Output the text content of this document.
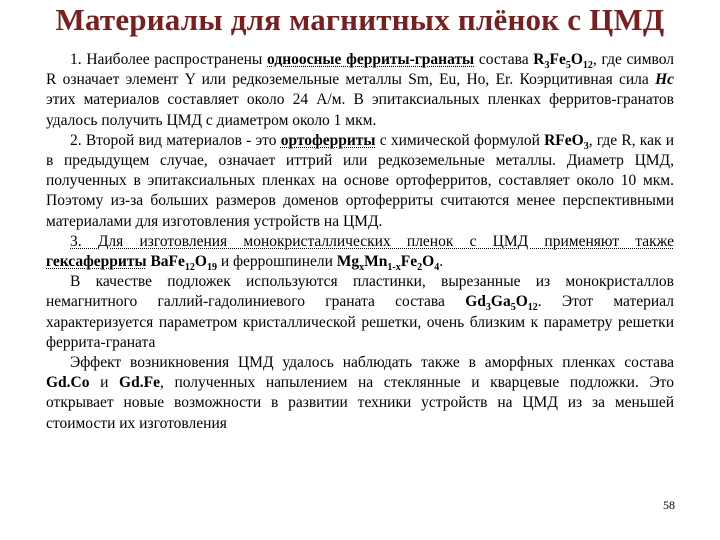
Материалы для магнитных плёнок с ЦМД

1. Наиболее распространены одноосные ферриты-гранаты состава $R_3Fe_5O_{12}$, где символ R означает элемент Y или редкоземельные металлы Sm, Eu, Ho, Er. Коэрцитивная сила Hc этих материалов составляет около 24 А/м. В эпитаксиальных пленках ферритов-гранатов удалось получить ЦМД с диаметром около 1 мкм.

2. Второй вид материалов - это ортоферриты с химической формулой RFeO$_3$, где R, как и в предыдущем случае, означает иттрий или редкоземельные металлы. Диаметр ЦМД, полученных в эпитаксиальных пленках на основе ортоферритов, составляет около 10 мкм. Поэтому из-за больших размеров доменов ортоферриты считаются менее перспективными материалами для изготовления устройств на ЦМД.

3. Для изготовления монокристаллических пленок с ЦМД применяют также гексаферриты $BaFe_{12}O_{19}$ и феррошпинели $Mg_xMn_{1-x}Fe_2O_4$.

В качестве подложек используются пластинки, вырезанные из монокристаллов немагнитного галлий-гадолиниевого граната состава $Gd_3Ga_5O_{12}$. Этот материал характеризуется параметром кристаллической решетки, очень близким к параметру решетки феррита-граната

Эффект возникновения ЦМД удалось наблюдать также в аморфных пленках состава Gd.Co и Gd.Fe, полученных напылением на стеклянные и кварцевые подложки. Это открывает новые возможности в развитии техники устройств на ЦМД из за меньшей стоимости их изготовления

58
